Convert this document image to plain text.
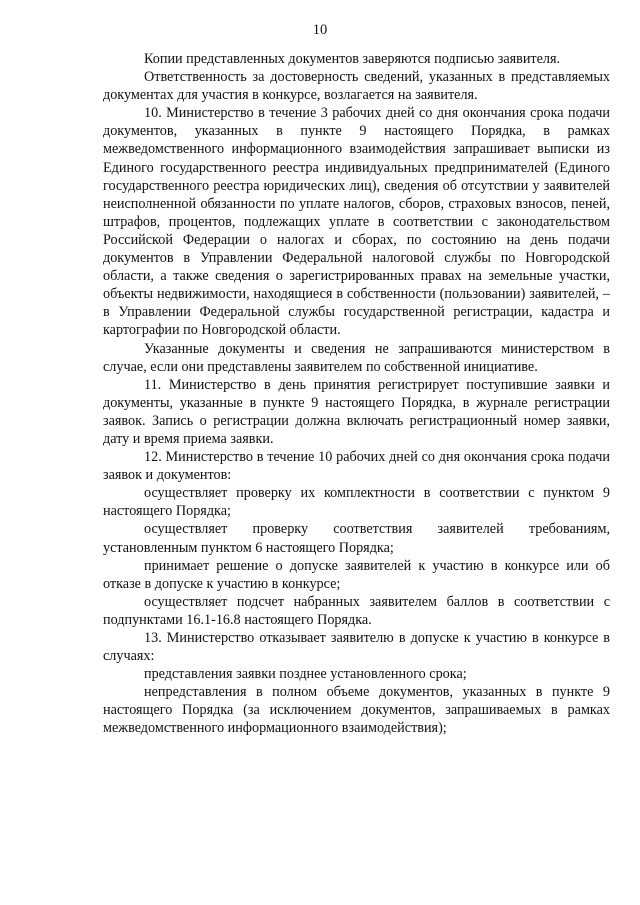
10

Копии представленных документов заверяются подписью заявителя.

Ответственность за достоверность сведений, указанных в представляемых документах для участия в конкурсе, возлагается на заявителя.

10. Министерство в течение 3 рабочих дней со дня окончания срока подачи документов, указанных в пункте 9 настоящего Порядка, в рамках межведомственного информационного взаимодействия запрашивает выписки из Единого государственного реестра индивидуальных предпринимателей (Единого государственного реестра юридических лиц), сведения об отсутствии у заявителей неисполненной обязанности по уплате налогов, сборов, страховых взносов, пеней, штрафов, процентов, подлежащих уплате в соответствии с законодательством Российской Федерации о налогах и сборах, по состоянию на день подачи документов в Управлении Федеральной налоговой службы по Новгородской области, а также сведения о зарегистрированных правах на земельные участки, объекты недвижимости, находящиеся в собственности (пользовании) заявителей, – в Управлении Федеральной службы государственной регистрации, кадастра и картографии по Новгородской области.

Указанные документы и сведения не запрашиваются министерством в случае, если они представлены заявителем по собственной инициативе.

11. Министерство в день принятия регистрирует поступившие заявки и документы, указанные в пункте 9 настоящего Порядка, в журнале регистрации заявок. Запись о регистрации должна включать регистрационный номер заявки, дату и время приема заявки.

12. Министерство в течение 10 рабочих дней со дня окончания срока подачи заявок и документов:

осуществляет проверку их комплектности в соответствии с пунктом 9 настоящего Порядка;

осуществляет проверку соответствия заявителей требованиям, установленным пунктом 6 настоящего Порядка;

принимает решение о допуске заявителей к участию в конкурсе или об отказе в допуске к участию в конкурсе;

осуществляет подсчет набранных заявителем баллов в соответствии с подпунктами 16.1-16.8 настоящего Порядка.

13. Министерство отказывает заявителю в допуске к участию в конкурсе в случаях:

представления заявки позднее установленного срока;

непредставления в полном объеме документов, указанных в пункте 9 настоящего Порядка (за исключением документов, запрашиваемых в рамках межведомственного информационного взаимодействия);
